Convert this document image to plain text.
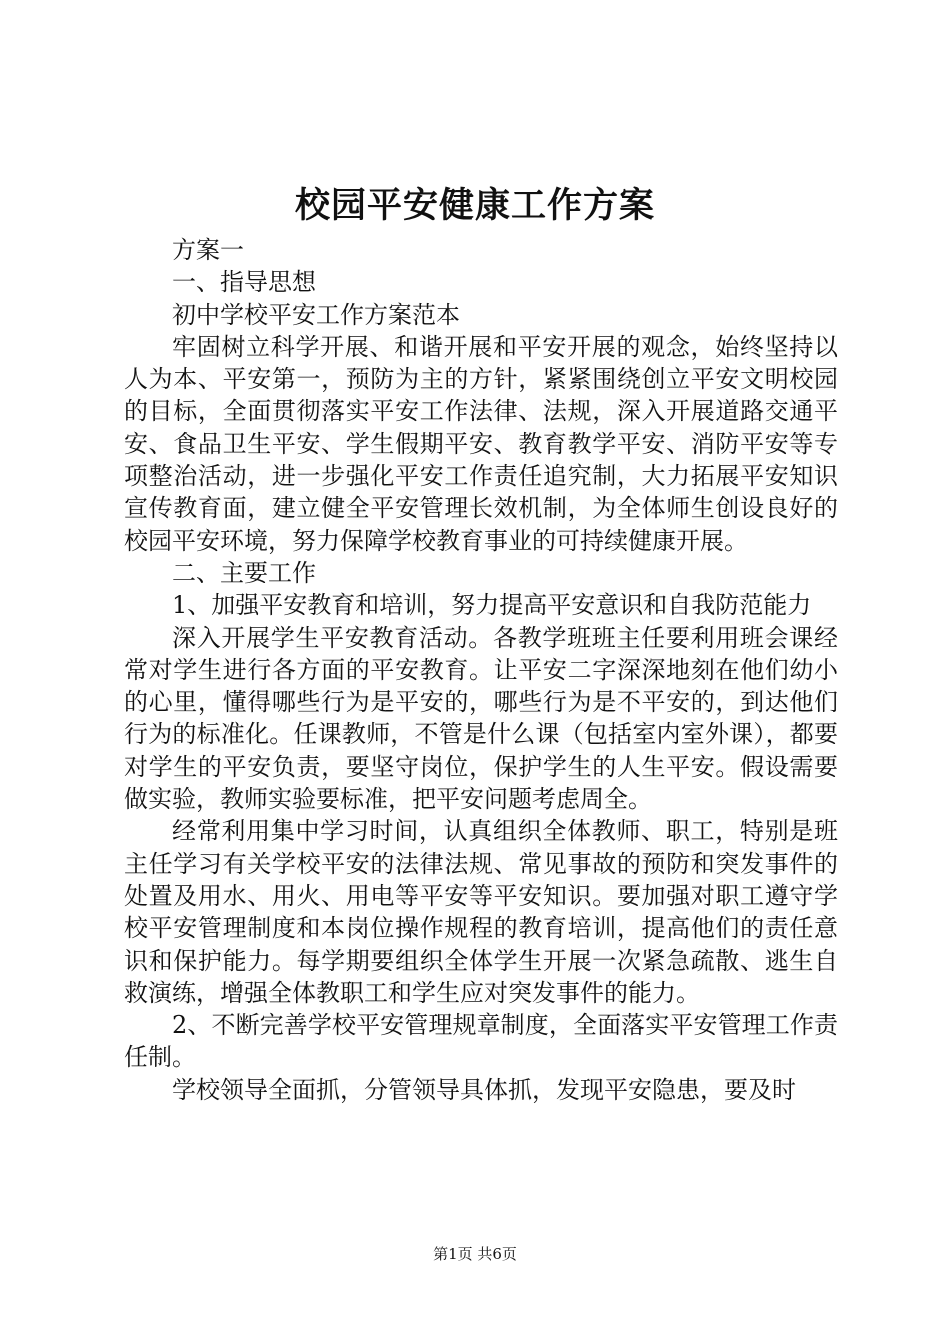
校园平安健康工作方案

方案一

一、指导思想

初中学校平安工作方案范本

牢固树立科学开展、和谐开展和平安开展的观念，始终坚持以人为本、平安第一，预防为主的方针，紧紧围绕创立平安文明校园的目标，全面贯彻落实平安工作法律、法规，深入开展道路交通平安、食品卫生平安、学生假期平安、教育教学平安、消防平安等专项整治活动，进一步强化平安工作责任追究制，大力拓展平安知识宣传教育面，建立健全平安管理长效机制，为全体师生创设良好的校园平安环境，努力保障学校教育事业的可持续健康开展。

二、主要工作

1、加强平安教育和培训，努力提高平安意识和自我防范能力

深入开展学生平安教育活动。各教学班班主任要利用班会课经常对学生进行各方面的平安教育。让平安二字深深地刻在他们幼小的心里，懂得哪些行为是平安的，哪些行为是不平安的，到达他们行为的标准化。任课教师，不管是什么课（包括室内室外课），都要对学生的平安负责，要坚守岗位，保护学生的人生平安。假设需要做实验，教师实验要标准，把平安问题考虑周全。

经常利用集中学习时间，认真组织全体教师、职工，特别是班主任学习有关学校平安的法律法规、常见事故的预防和突发事件的处置及用水、用火、用电等平安等平安知识。要加强对职工遵守学校平安管理制度和本岗位操作规程的教育培训，提高他们的责任意识和保护能力。每学期要组织全体学生开展一次紧急疏散、逃生自救演练，增强全体教职工和学生应对突发事件的能力。

2、不断完善学校平安管理规章制度，全面落实平安管理工作责任制。

学校领导全面抓，分管领导具体抓，发现平安隐患，要及时

第1页 共6页
